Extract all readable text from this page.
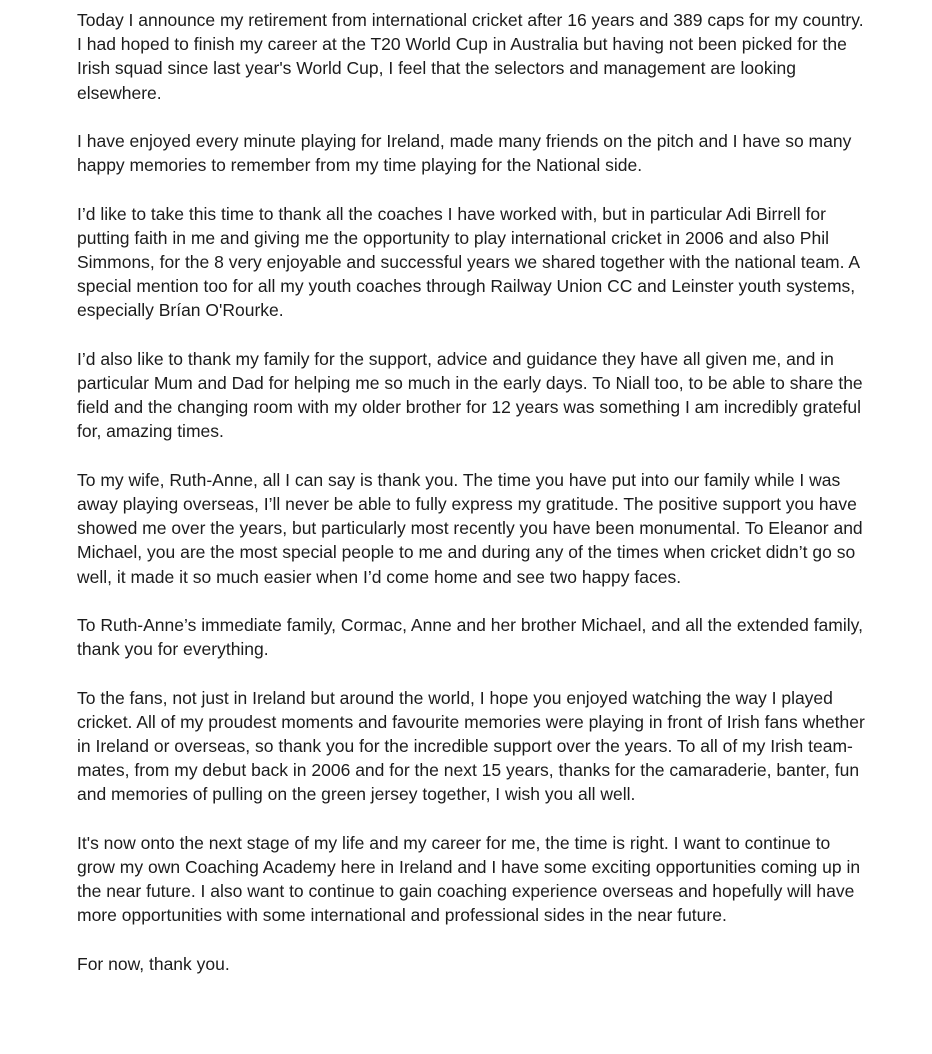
Today I announce my retirement from international cricket after 16 years and 389 caps for my country. I had hoped to finish my career at the T20 World Cup in Australia but having not been picked for the Irish squad since last year's World Cup, I feel that the selectors and management are looking elsewhere.

I have enjoyed every minute playing for Ireland, made many friends on the pitch and I have so many happy memories to remember from my time playing for the National side.

I’d like to take this time to thank all the coaches I have worked with, but in particular Adi Birrell for putting faith in me and giving me the opportunity to play international cricket in 2006 and also Phil Simmons, for the 8 very enjoyable and successful years we shared together with the national team. A special mention too for all my youth coaches through Railway Union CC and Leinster youth systems, especially Brían O'Rourke.

I’d also like to thank my family for the support, advice and guidance they have all given me, and in particular Mum and Dad for helping me so much in the early days. To Niall too, to be able to share the field and the changing room with my older brother for 12 years was something I am incredibly grateful for, amazing times.

To my wife, Ruth-Anne, all I can say is thank you. The time you have put into our family while I was away playing overseas, I’ll never be able to fully express my gratitude. The positive support you have showed me over the years, but particularly most recently you have been monumental. To Eleanor and Michael, you are the most special people to me and during any of the times when cricket didn’t go so well, it made it so much easier when I’d come home and see two happy faces.

To Ruth-Anne’s immediate family, Cormac, Anne and her brother Michael, and all the extended family, thank you for everything.

To the fans, not just in Ireland but around the world, I hope you enjoyed watching the way I played cricket. All of my proudest moments and favourite memories were playing in front of Irish fans whether in Ireland or overseas, so thank you for the incredible support over the years. To all of my Irish team-mates, from my debut back in 2006 and for the next 15 years, thanks for the camaraderie, banter, fun and memories of pulling on the green jersey together, I wish you all well.

It's now onto the next stage of my life and my career for me, the time is right. I want to continue to grow my own Coaching Academy here in Ireland and I have some exciting opportunities coming up in the near future. I also want to continue to gain coaching experience overseas and hopefully will have more opportunities with some international and professional sides in the near future.

For now, thank you.
